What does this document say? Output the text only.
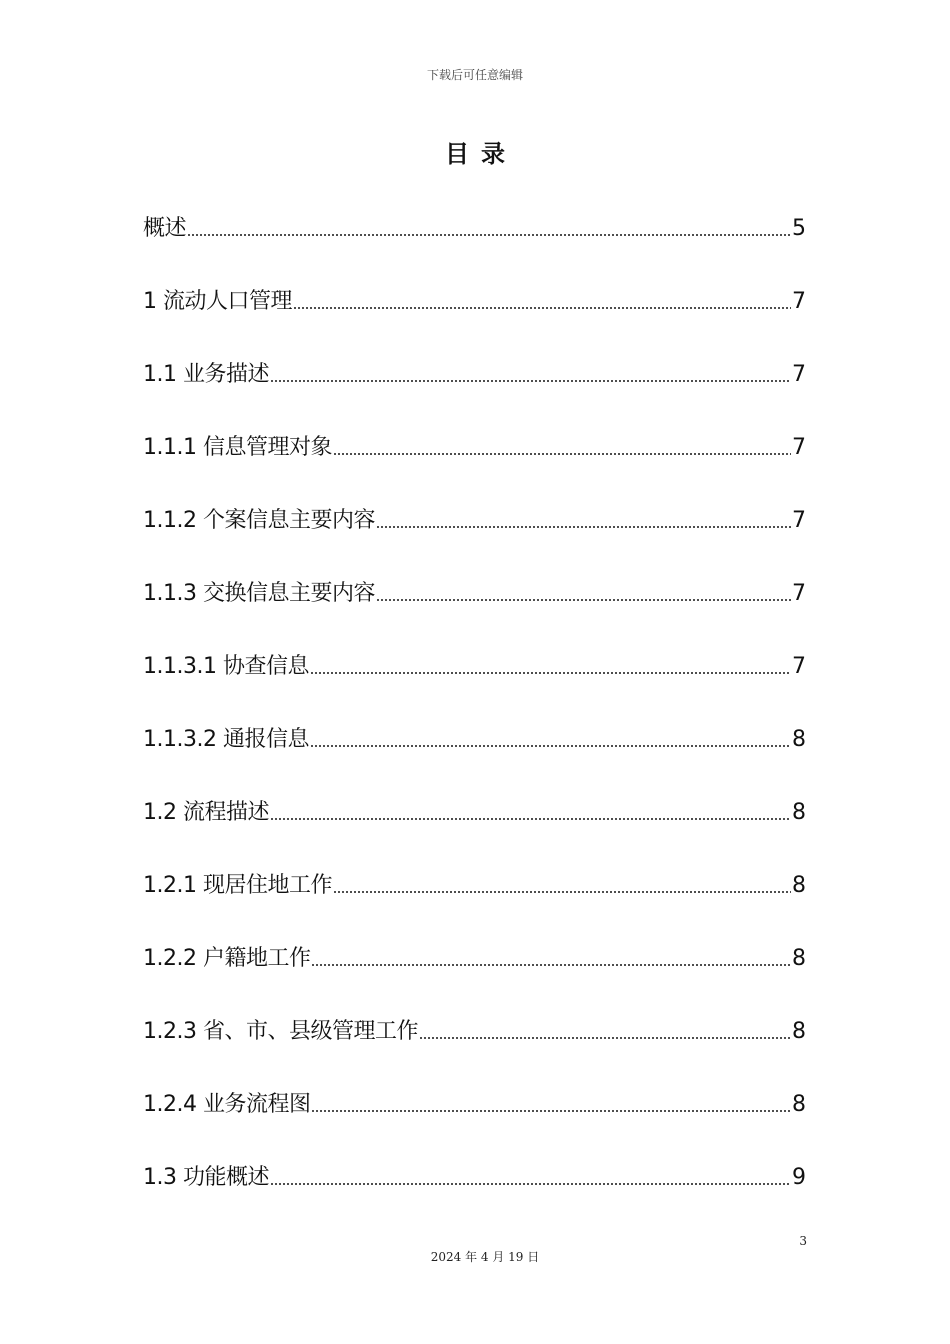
下载后可任意编辑
目录
概述	5
1 流动人口管理	7
1.1 业务描述	7
1.1.1 信息管理对象	7
1.1.2 个案信息主要内容	7
1.1.3 交换信息主要内容	7
1.1.3.1 协查信息	7
1.1.3.2 通报信息	8
1.2 流程描述	8
1.2.1 现居住地工作	8
1.2.2 户籍地工作	8
1.2.3 省、市、县级管理工作	8
1.2.4 业务流程图	8
1.3 功能概述	9
3
2024 年 4 月 19 日
